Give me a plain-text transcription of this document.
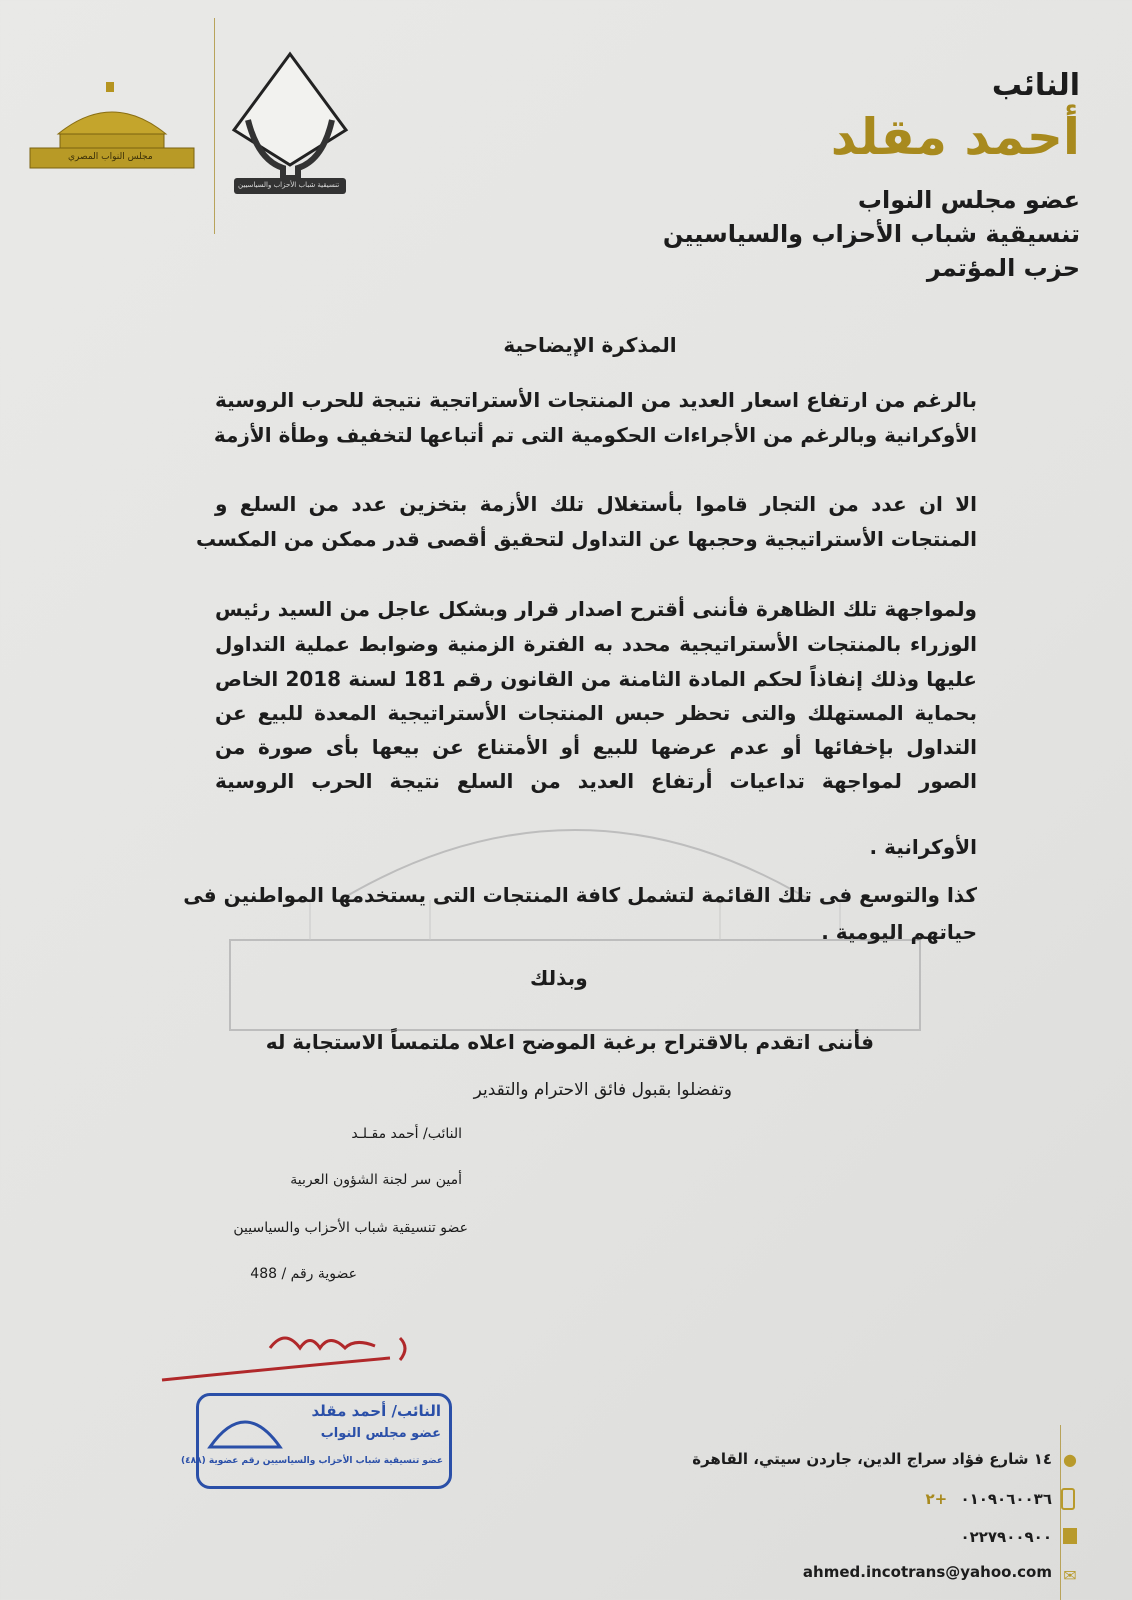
مجلس النواب المصري
تنسيقية شباب الأحزاب والسياسيين
النائب
أحمد مقلد
عضو مجلس النواب
تنسيقية شباب الأحزاب والسياسيين
حزب المؤتمر
المذكرة الإيضاحية
بالرغم من ارتفاع اسعار العديد من المنتجات الأستراتجية نتيجة للحرب الروسية
الأوكرانية وبالرغم من الأجراءات الحكومية التى تم أتباعها لتخفيف وطأة الأزمة
الا ان عدد من التجار قاموا بأستغلال تلك الأزمة بتخزين عدد من السلع و
المنتجات الأستراتيجية وحجبها عن التداول لتحقيق أقصى قدر ممكن من المكسب
ولمواجهة تلك الظاهرة فأننى أقترح اصدار قرار وبشكل عاجل من السيد رئيس
الوزراء بالمنتجات الأستراتيجية محدد به الفترة الزمنية وضوابط عملية التداول
عليها وذلك إنفاذاً لحكم المادة الثامنة من القانون رقم 181 لسنة 2018 الخاص
بحماية المستهلك والتى تحظر حبس المنتجات الأستراتيجية المعدة للبيع عن
التداول بإخفائها أو عدم عرضها للبيع أو الأمتناع عن بيعها بأى صورة من
الصور لمواجهة تداعيات أرتفاع العديد من السلع نتيجة الحرب الروسية
الأوكرانية .
كذا والتوسع فى تلك القائمة لتشمل كافة المنتجات التى يستخدمها المواطنين فى
حياتهم اليومية .
وبذلك
فأننى اتقدم بالاقتراح برغبة الموضح اعلاه ملتمساً الاستجابة له
وتفضلوا بقبول فائق الاحترام والتقدير
النائب/ أحمد مقـلـد
أمين سر لجنة الشؤون العربية
عضو تنسيقية شباب الأحزاب والسياسيين
عضوية رقم / 488
النائب/ أحمد مقلد
عضو مجلس النواب
عضو تنسيقية شباب الأحزاب والسياسيين رقم عضوية (٤٨٨)	●
١٤ شارع فؤاد سراج الدين، جاردن سيتي، القاهرة
٠١٠٩٠٦٠٠٣٦ +٢
٠٢٢٧٩٠٠٩٠٠
✉
ahmed.incotrans@yahoo.com
